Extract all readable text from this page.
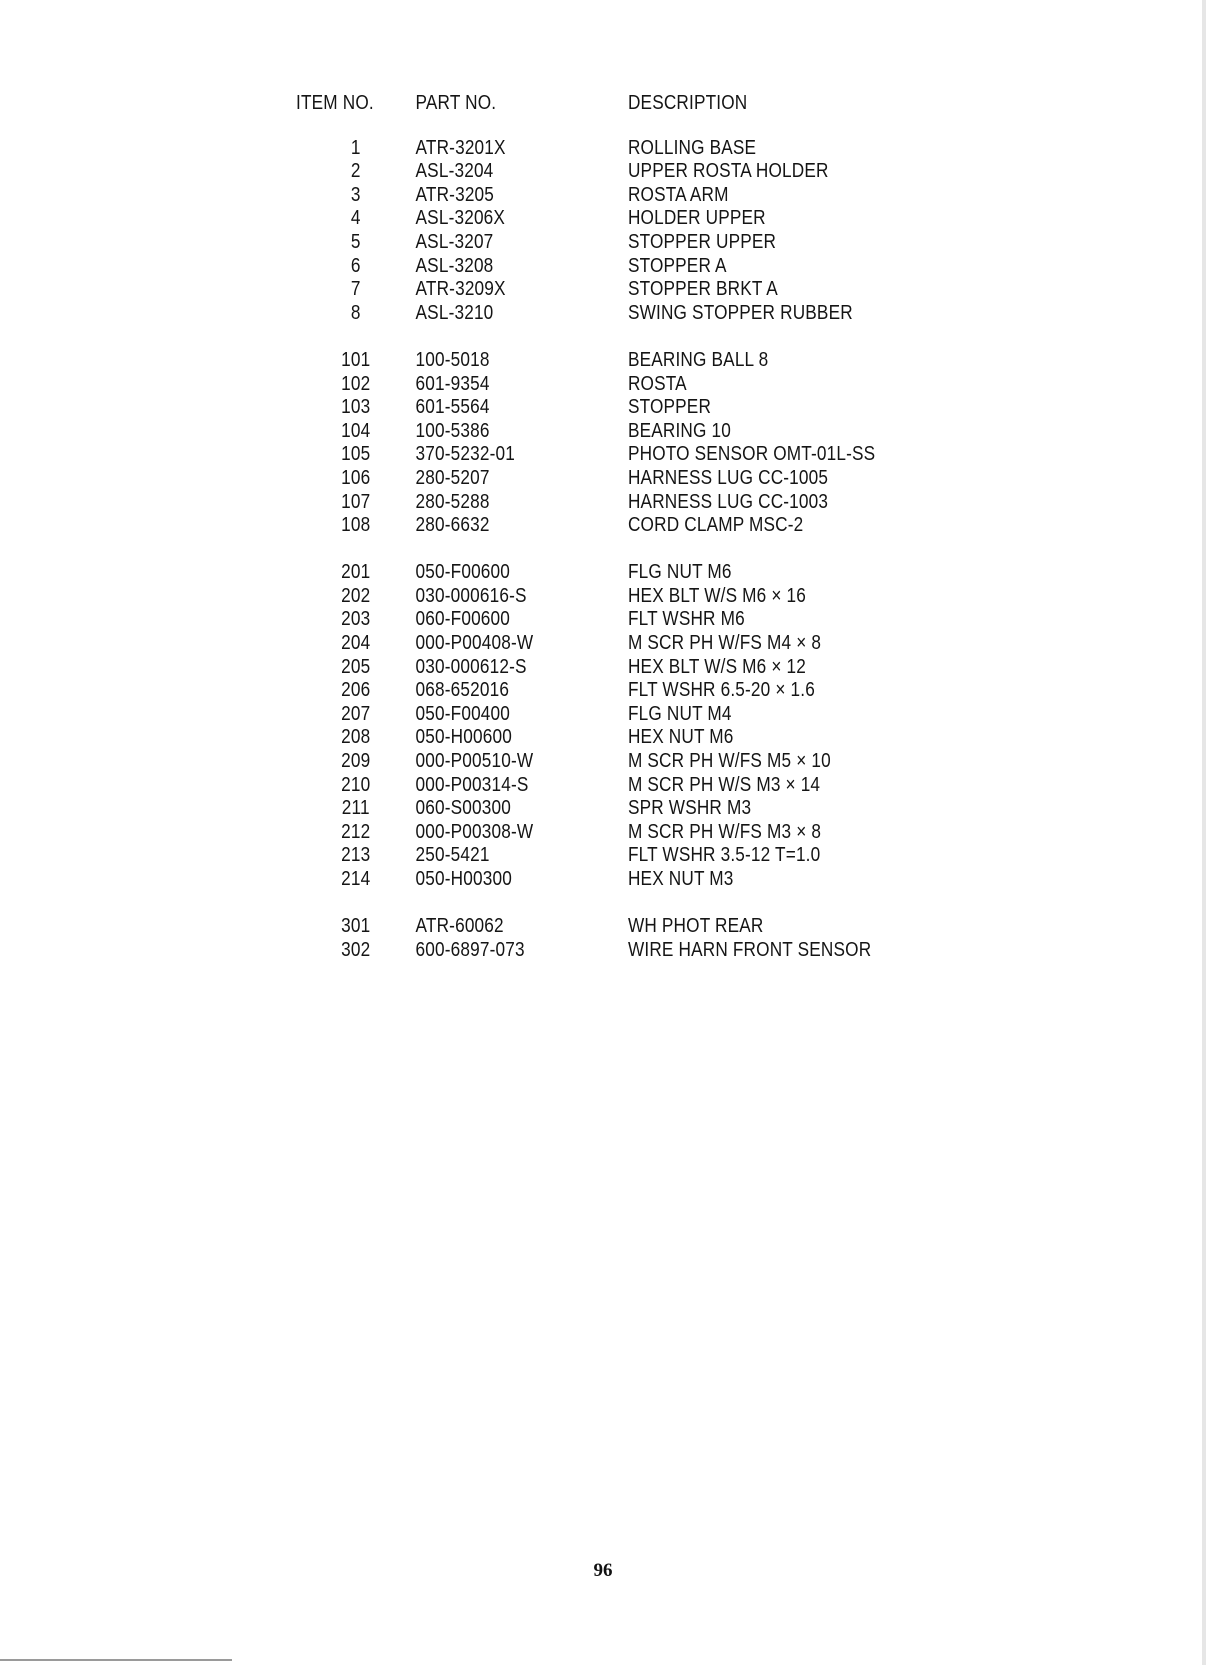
ITEM NO.	PART NO.	DESCRIPTION
1	ATR-3201X	ROLLING BASE
2	ASL-3204	UPPER ROSTA HOLDER
3	ATR-3205	ROSTA ARM
4	ASL-3206X	HOLDER UPPER
5	ASL-3207	STOPPER UPPER
6	ASL-3208	STOPPER A
7	ATR-3209X	STOPPER BRKT A
8	ASL-3210	SWING STOPPER RUBBER
101	100-5018	BEARING BALL 8
102	601-9354	ROSTA
103	601-5564	STOPPER
104	100-5386	BEARING 10
105	370-5232-01	PHOTO SENSOR OMT-01L-SS
106	280-5207	HARNESS LUG CC-1005
107	280-5288	HARNESS LUG CC-1003
108	280-6632	CORD CLAMP MSC-2
201	050-F00600	FLG NUT M6
202	030-000616-S	HEX BLT W/S M6 × 16
203	060-F00600	FLT WSHR M6
204	000-P00408-W	M SCR PH W/FS M4 × 8
205	030-000612-S	HEX BLT W/S M6 × 12
206	068-652016	FLT WSHR 6.5-20 × 1.6
207	050-F00400	FLG NUT M4
208	050-H00600	HEX NUT M6
209	000-P00510-W	M SCR PH W/FS M5 × 10
210	000-P00314-S	M SCR PH W/S M3 × 14
211	060-S00300	SPR WSHR M3
212	000-P00308-W	M SCR PH W/FS M3 × 8
213	250-5421	FLT WSHR 3.5-12 T=1.0
214	050-H00300	HEX NUT M3
301	ATR-60062	WH PHOT REAR
302	600-6897-073	WIRE HARN FRONT SENSOR
96
